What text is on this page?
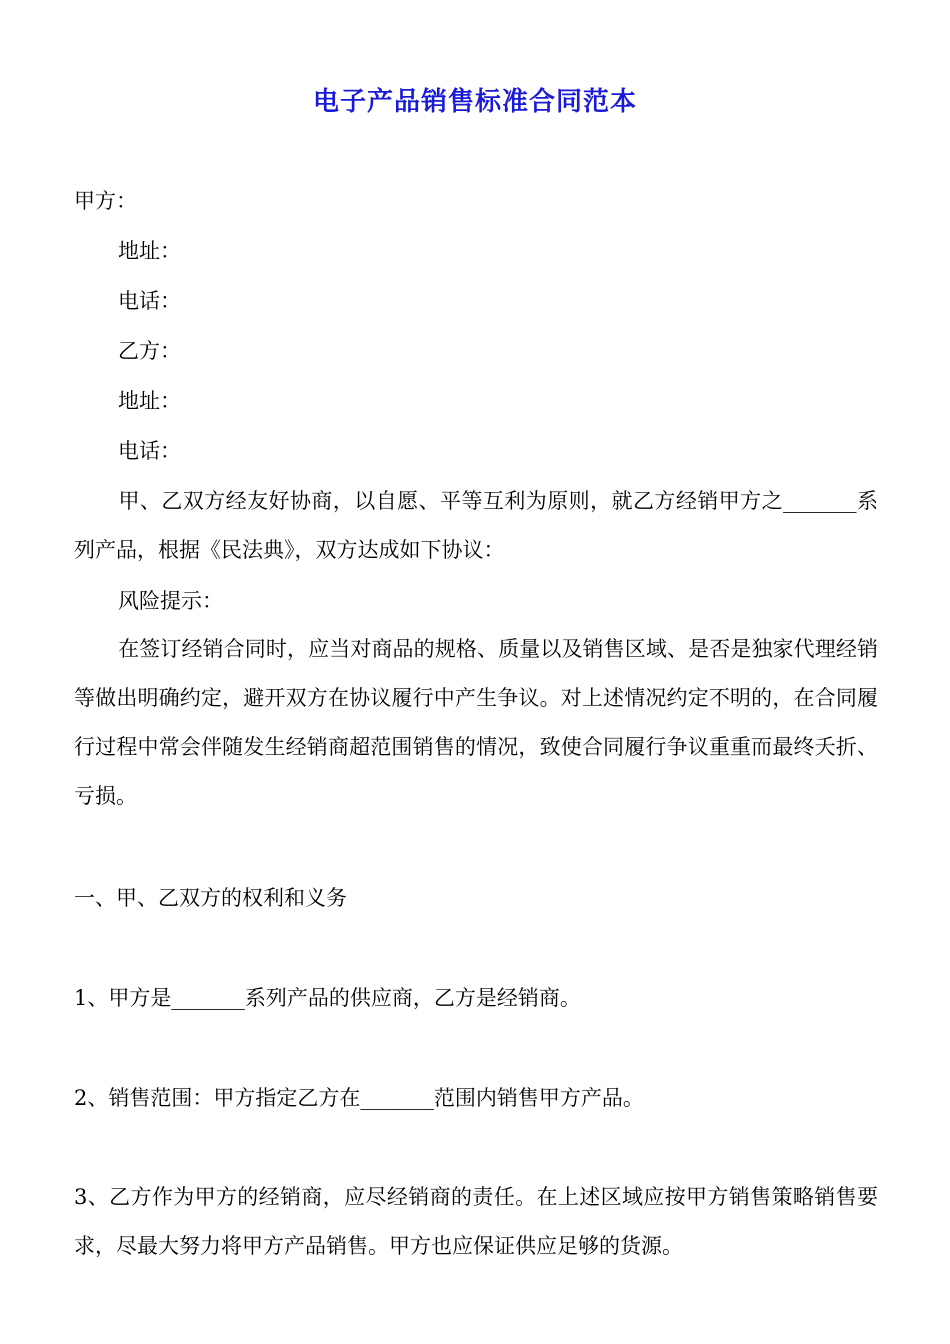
电子产品销售标准合同范本
甲方：
地址：
电话：
乙方：
地址：
电话：
甲、乙双方经友好协商，以自愿、平等互利为原则，就乙方经销甲方之_______系列产品，根据《民法典》，双方达成如下协议：
风险提示：
在签订经销合同时，应当对商品的规格、质量以及销售区域、是否是独家代理经销等做出明确约定，避开双方在协议履行中产生争议。对上述情况约定不明的，在合同履行过程中常会伴随发生经销商超范围销售的情况，致使合同履行争议重重而最终夭折、亏损。
一、甲、乙双方的权利和义务
1、甲方是_______系列产品的供应商，乙方是经销商。
2、销售范围：甲方指定乙方在_______范围内销售甲方产品。
3、乙方作为甲方的经销商，应尽经销商的责任。在上述区域应按甲方销售策略销售要求，尽最大努力将甲方产品销售。甲方也应保证供应足够的货源。
